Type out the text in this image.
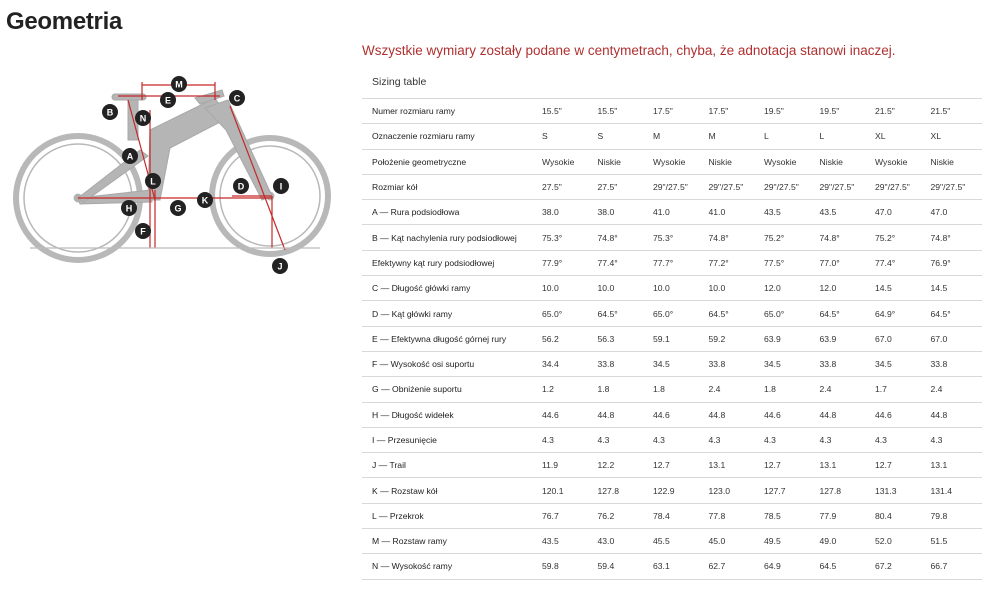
Geometria
Wszystkie wymiary zostały podane w centymetrach, chyba, że adnotacja stanowi inaczej.
M
B
E	C
N
A
L	D	I
H	G
K
F
J
Sizing table
Numer rozmiaru ramy	15.5"	15.5"	17.5"	17.5"	19.5"	19.5"	21.5"	21.5"
Oznaczenie rozmiaru ramy	S	S	M	M	L	L	XL	XL
Położenie geometryczne	Wysokie	Niskie	Wysokie	Niskie	Wysokie	Niskie	Wysokie	Niskie
Rozmiar kół	27.5"	27.5"	29"/27.5"	29"/27.5"	29"/27.5"	29"/27.5"	29"/27.5"	29"/27.5"
A — Rura podsiodłowa	38.0	38.0	41.0	41.0	43.5	43.5	47.0	47.0
B — Kąt nachylenia rury podsiodłowej	75.3°	74.8°	75.3°	74.8°	75.2°	74.8°	75.2°	74.8°
Efektywny kąt rury podsiodłowej	77.9°	77.4°	77.7°	77.2°	77.5°	77.0°	77.4°	76.9°
C — Długość główki ramy	10.0	10.0	10.0	10.0	12.0	12.0	14.5	14.5
D — Kąt główki ramy	65.0°	64.5°	65.0°	64.5°	65.0°	64.5°	64.9°	64.5°
E — Efektywna długość górnej rury	56.2	56.3	59.1	59.2	63.9	63.9	67.0	67.0
F — Wysokość osi suportu	34.4	33.8	34.5	33.8	34.5	33.8	34.5	33.8
G — Obniżenie suportu	1.2	1.8	1.8	2.4	1.8	2.4	1.7	2.4
H — Długość widełek	44.6	44.8	44.6	44.8	44.6	44.8	44.6	44.8
I — Przesunięcie	4.3	4.3	4.3	4.3	4.3	4.3	4.3	4.3
J — Trail	11.9	12.2	12.7	13.1	12.7	13.1	12.7	13.1
K — Rozstaw kół	120.1	127.8	122.9	123.0	127.7	127.8	131.3	131.4
L — Przekrok	76.7	76.2	78.4	77.8	78.5	77.9	80.4	79.8
M — Rozstaw ramy	43.5	43.0	45.5	45.0	49.5	49.0	52.0	51.5
N — Wysokość ramy	59.8	59.4	63.1	62.7	64.9	64.5	67.2	66.7
